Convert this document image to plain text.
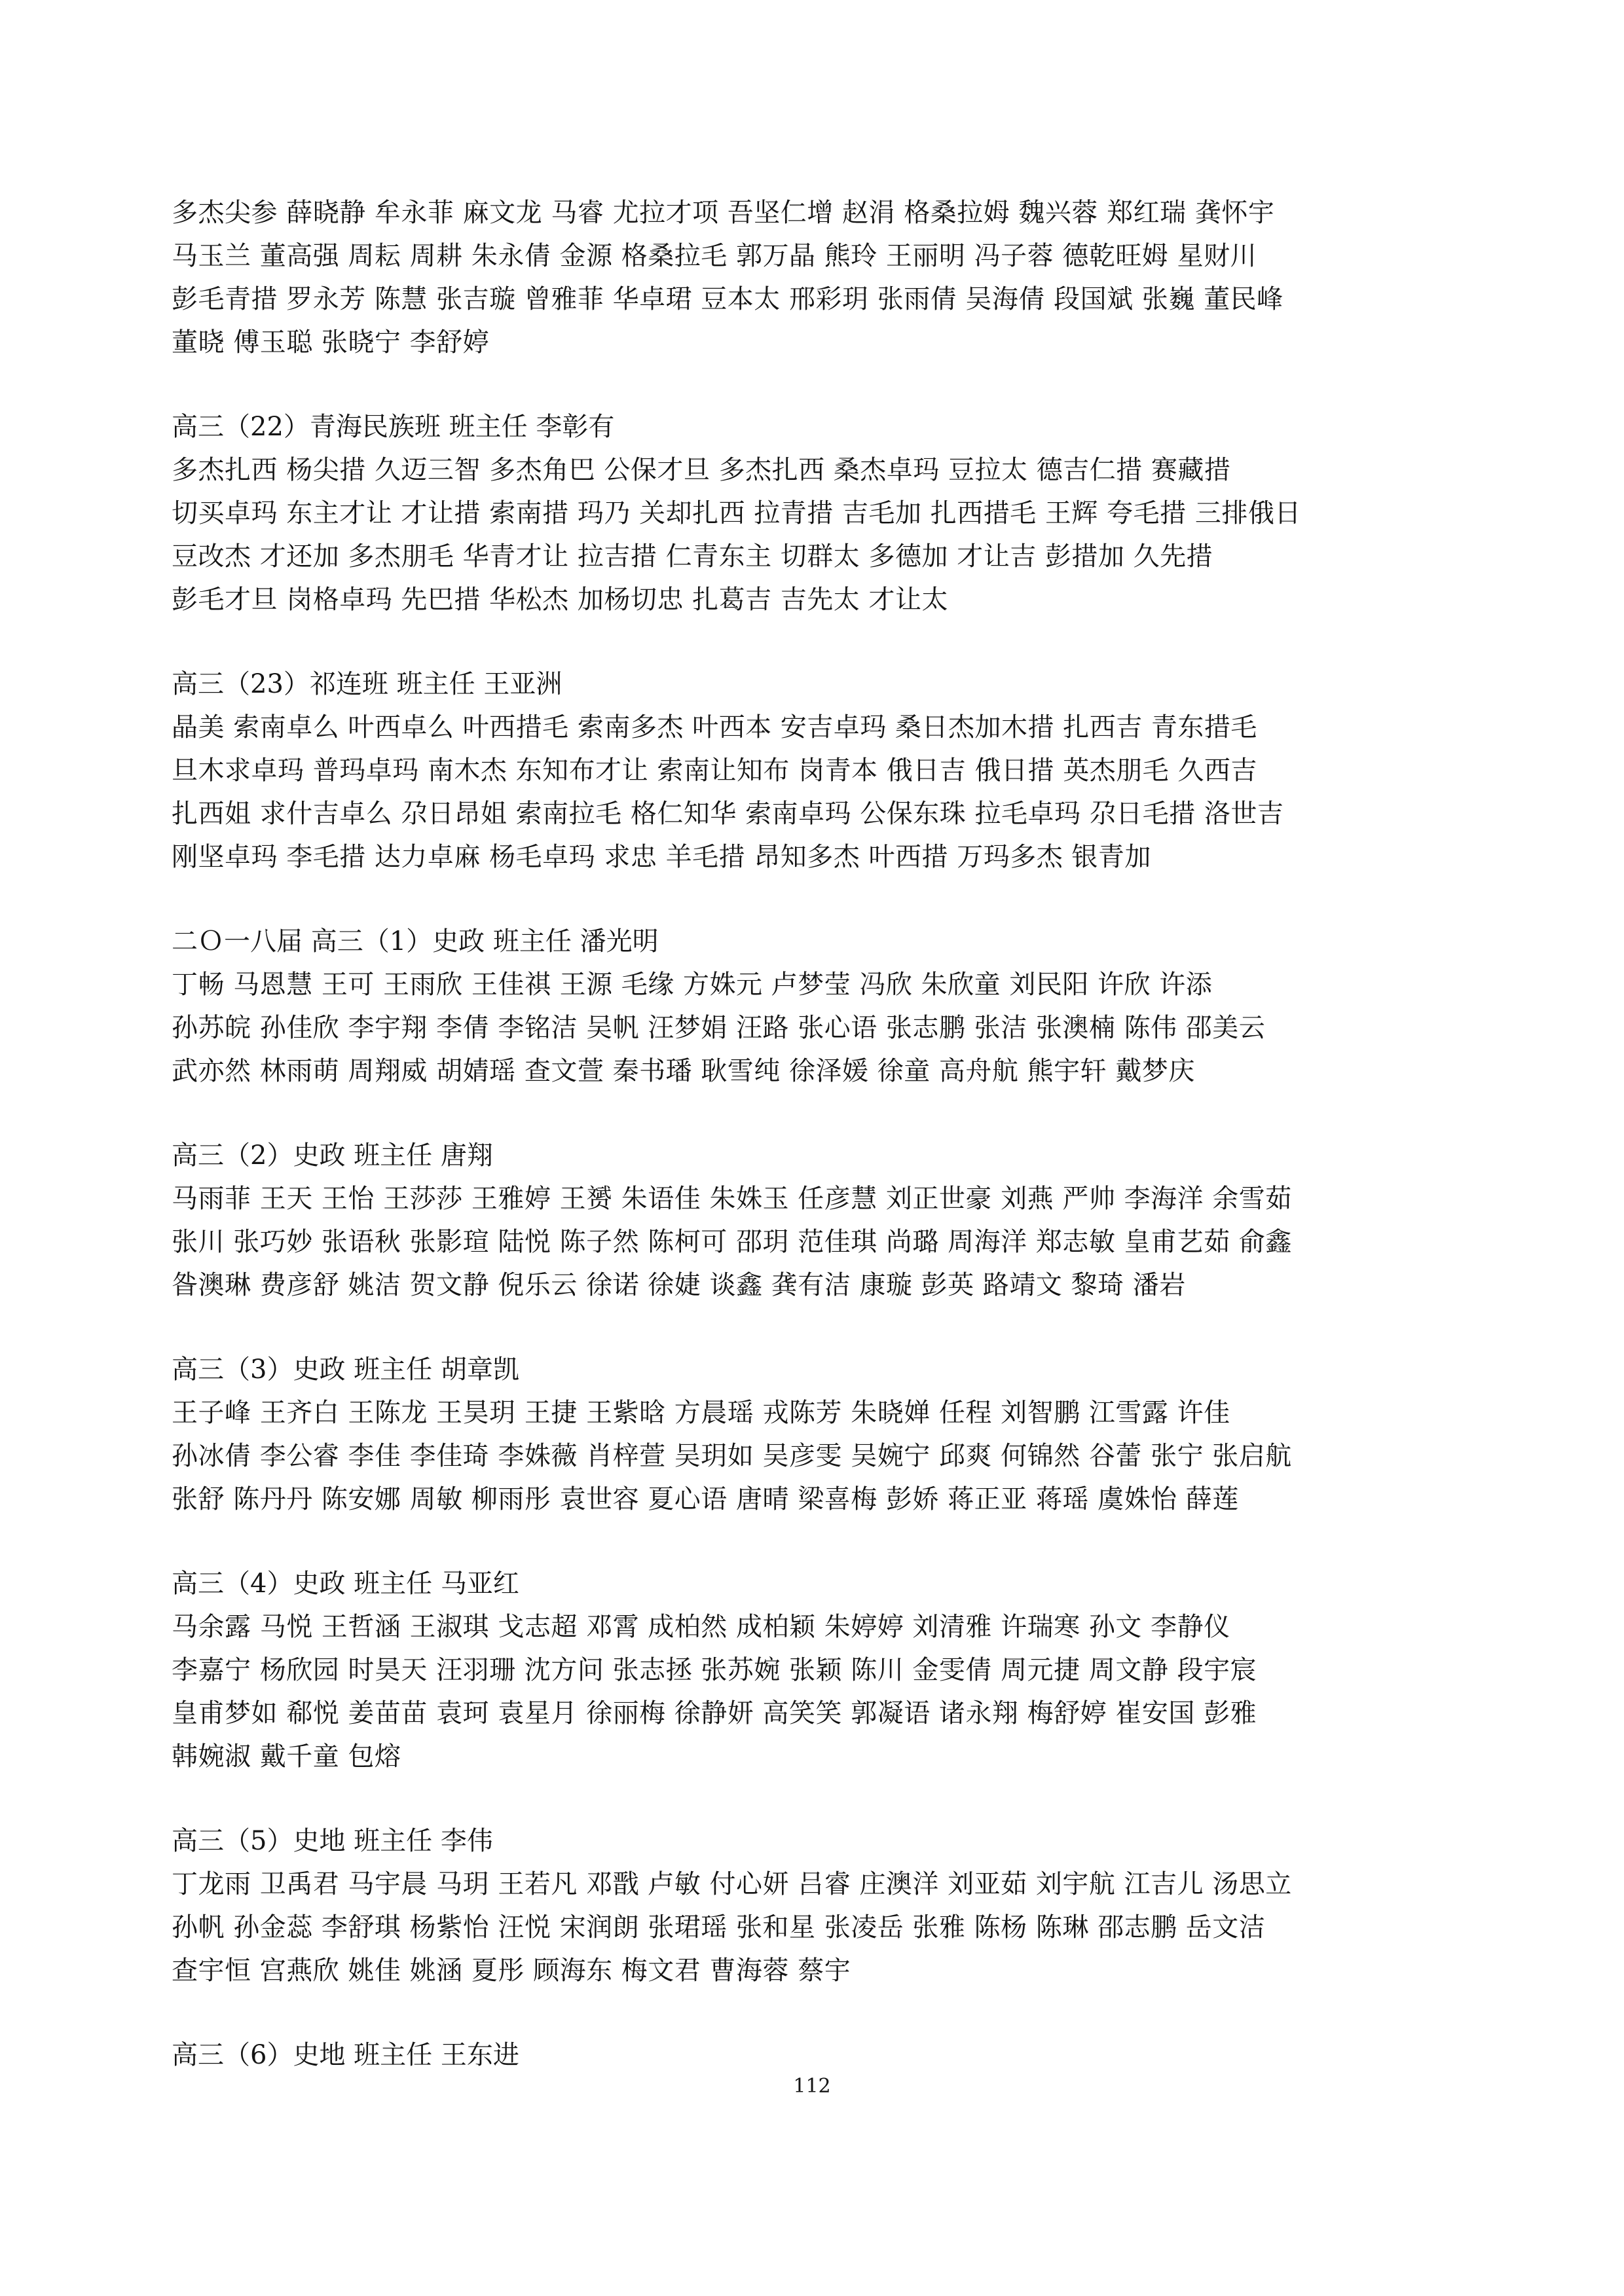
多杰尖参 薛晓静 牟永菲 麻文龙 马睿 尤拉才项 吾坚仁增 赵涓 格桑拉姆 魏兴蓉 郑红瑞 龚怀宇
马玉兰 董高强 周耘 周耕 朱永倩 金源 格桑拉毛 郭万晶 熊玲 王丽明 冯子蓉 德乾旺姆 星财川
彭毛青措 罗永芳 陈慧 张吉璇 曾雅菲 华卓珺 豆本太 邢彩玥 张雨倩 吴海倩 段国斌 张巍 董民峰
董晓 傅玉聪 张晓宁 李舒婷
高三（22）青海民族班 班主任 李彰有
多杰扎西 杨尖措 久迈三智 多杰角巴 公保才旦 多杰扎西 桑杰卓玛 豆拉太 德吉仁措 赛藏措
切买卓玛 东主才让 才让措 索南措 玛乃 关却扎西 拉青措 吉毛加 扎西措毛 王辉 夸毛措 三排俄日
豆改杰 才还加 多杰朋毛 华青才让 拉吉措 仁青东主 切群太 多德加 才让吉 彭措加 久先措
彭毛才旦 岗格卓玛 先巴措 华松杰 加杨切忠 扎葛吉 吉先太 才让太
高三（23）祁连班 班主任 王亚洲
晶美 索南卓么 叶西卓么 叶西措毛 索南多杰 叶西本 安吉卓玛 桑日杰加木措 扎西吉 青东措毛
旦木求卓玛 普玛卓玛 南木杰 东知布才让 索南让知布 岗青本 俄日吉 俄日措 英杰朋毛 久西吉
扎西姐 求什吉卓么 尕日昂姐 索南拉毛 格仁知华 索南卓玛 公保东珠 拉毛卓玛 尕日毛措 洛世吉
刚坚卓玛 李毛措 达力卓麻 杨毛卓玛 求忠 羊毛措 昂知多杰 叶西措 万玛多杰 银青加
二Ｏ一八届 高三（1）史政 班主任 潘光明
丁畅 马恩慧 王可 王雨欣 王佳祺 王源 毛缘 方姝元 卢梦莹 冯欣 朱欣童 刘民阳 许欣 许添
孙苏皖 孙佳欣 李宇翔 李倩 李铭洁 吴帆 汪梦娟 汪路 张心语 张志鹏 张洁 张澳楠 陈伟 邵美云
武亦然 林雨萌 周翔威 胡婧瑶 查文萱 秦书璠 耿雪纯 徐泽媛 徐童 高舟航 熊宇轩 戴梦庆
高三（2）史政 班主任 唐翔
马雨菲 王天 王怡 王莎莎 王雅婷 王赟 朱语佳 朱姝玉 任彦慧 刘正世豪 刘燕 严帅 李海洋 余雪茹
张川 张巧妙 张语秋 张影瑄 陆悦 陈子然 陈柯可 邵玥 范佳琪 尚璐 周海洋 郑志敏 皇甫艺茹 俞鑫
昝澳琳 费彦舒 姚洁 贺文静 倪乐云 徐诺 徐婕 谈鑫 龚有洁 康璇 彭英 路靖文 黎琦 潘岩
高三（3）史政 班主任 胡章凯
王子峰 王齐白 王陈龙 王昊玥 王捷 王紫晗 方晨瑶 戎陈芳 朱晓婵 任程 刘智鹏 江雪露 许佳
孙冰倩 李公睿 李佳 李佳琦 李姝薇 肖梓萱 吴玥如 吴彦雯 吴婉宁 邱爽 何锦然 谷蕾 张宁 张启航
张舒 陈丹丹 陈安娜 周敏 柳雨彤 袁世容 夏心语 唐晴 梁喜梅 彭娇 蒋正亚 蒋瑶 虞姝怡 薛莲
高三（4）史政 班主任 马亚红
马余露 马悦 王哲涵 王淑琪 戈志超 邓霄 成柏然 成柏颖 朱婷婷 刘清雅 许瑞寒 孙文 李静仪
李嘉宁 杨欣园 时昊天 汪羽珊 沈方问 张志拯 张苏婉 张颖 陈川 金雯倩 周元捷 周文静 段宇宸
皇甫梦如 郗悦 姜苗苗 袁珂 袁星月 徐丽梅 徐静妍 高笑笑 郭凝语 诸永翔 梅舒婷 崔安国 彭雅
韩婉淑 戴千童 包熔
高三（5）史地 班主任 李伟
丁龙雨 卫禹君 马宇晨 马玥 王若凡 邓戬 卢敏 付心妍 吕睿 庄澳洋 刘亚茹 刘宇航 江吉儿 汤思立
孙帆 孙金蕊 李舒琪 杨紫怡 汪悦 宋润朗 张珺瑶 张和星 张凌岳 张雅 陈杨 陈琳 邵志鹏 岳文洁
查宇恒 宫燕欣 姚佳 姚涵 夏彤 顾海东 梅文君 曹海蓉 蔡宇
高三（6）史地 班主任 王东进
112
